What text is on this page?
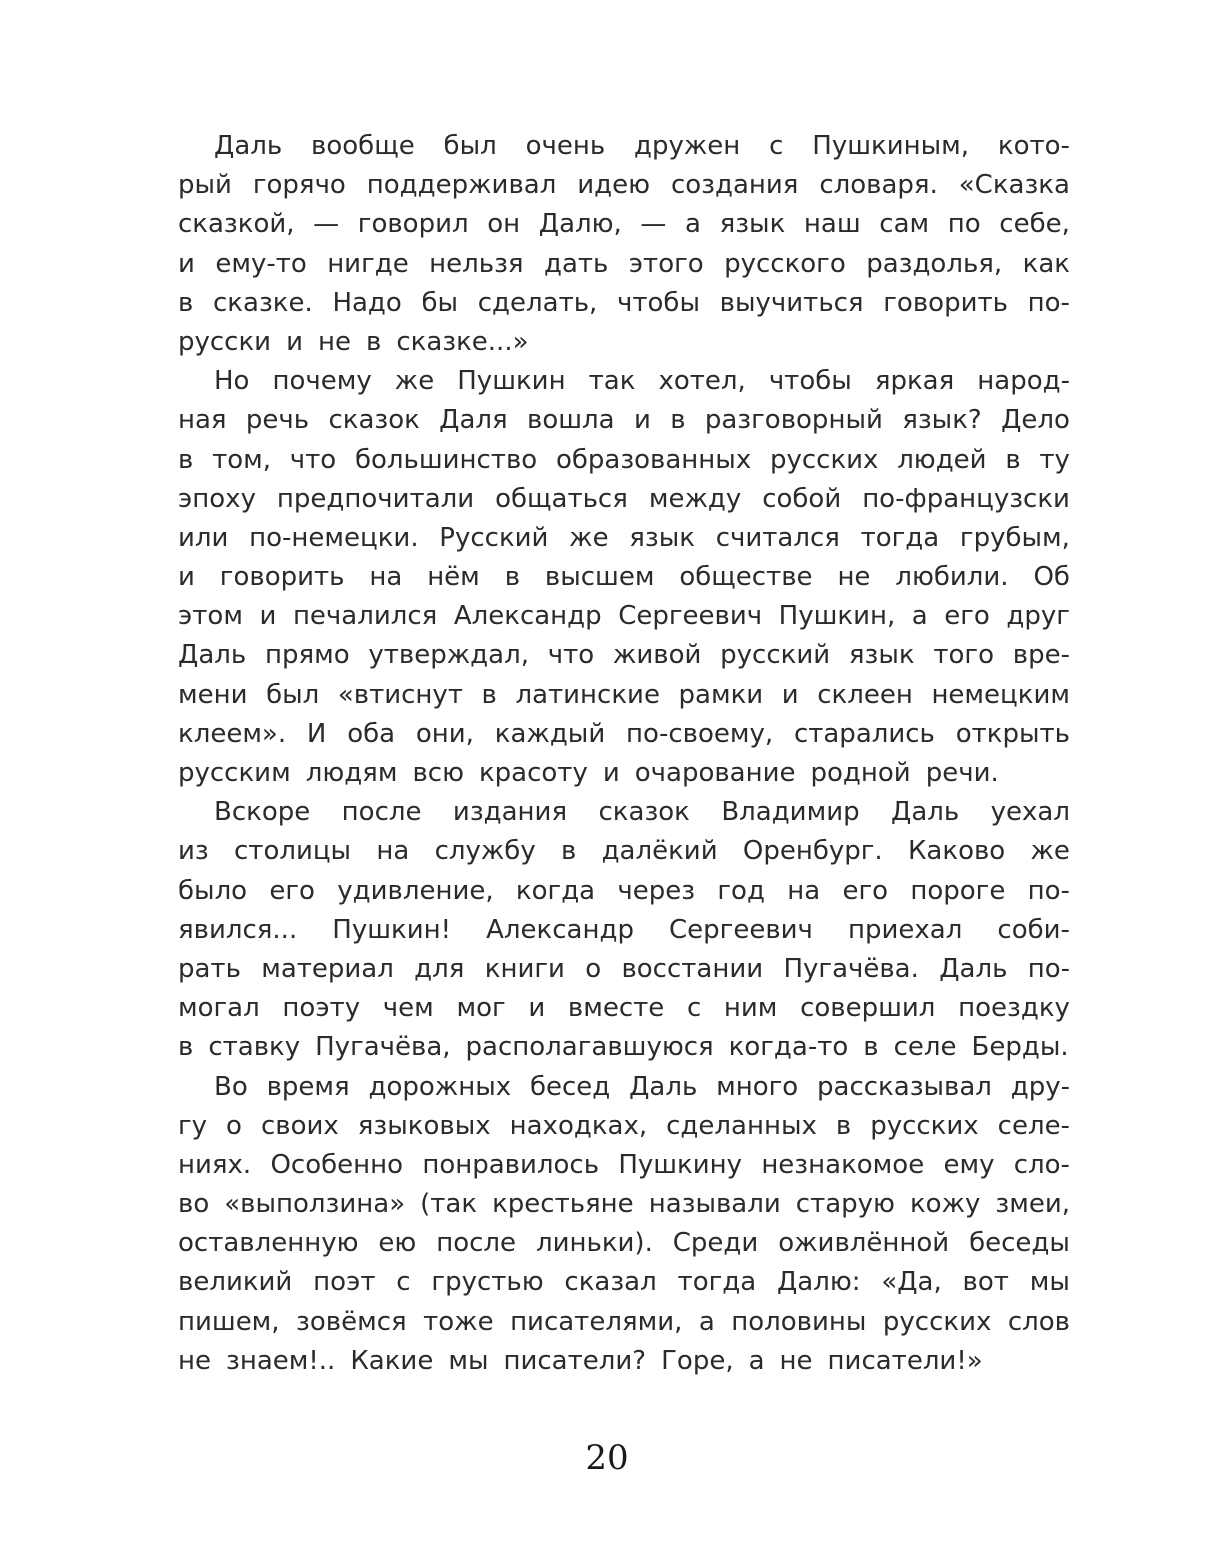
Даль вообще был очень дружен с Пушкиным, кото-
рый горячо поддерживал идею создания словаря. «Сказка
сказкой, — говорил он Далю, — а язык наш сам по себе,
и ему-то нигде нельзя дать этого русского раздолья, как
в сказке. Надо бы сделать, чтобы выучиться говорить по-
русски и не в сказке...»
Но почему же Пушкин так хотел, чтобы яркая народ-
ная речь сказок Даля вошла и в разговорный язык? Дело
в том, что большинство образованных русских людей в ту
эпоху предпочитали общаться между собой по-французски
или по-немецки. Русский же язык считался тогда грубым,
и говорить на нём в высшем обществе не любили. Об
этом и печалился Александр Сергеевич Пушкин, а его друг
Даль прямо утверждал, что живой русский язык того вре-
мени был «втиснут в латинские рамки и склеен немецким
клеем». И оба они, каждый по-своему, старались открыть
русским людям всю красоту и очарование родной речи.
Вскоре после издания сказок Владимир Даль уехал
из столицы на службу в далёкий Оренбург. Каково же
было его удивление, когда через год на его пороге по-
явился... Пушкин! Александр Сергеевич приехал соби-
рать материал для книги о восстании Пугачёва. Даль по-
могал поэту чем мог и вместе с ним совершил поездку
в ставку Пугачёва, располагавшуюся когда-то в селе Берды.
Во время дорожных бесед Даль много рассказывал дру-
гу о своих языковых находках, сделанных в русских селе-
ниях. Особенно понравилось Пушкину незнакомое ему сло-
во «выползина» (так крестьяне называли старую кожу змеи,
оставленную ею после линьки). Среди оживлённой беседы
великий поэт с грустью сказал тогда Далю: «Да, вот мы
пишем, зовёмся тоже писателями, а половины русских слов
не знаем!.. Какие мы писатели? Горе, а не писатели!»
20
